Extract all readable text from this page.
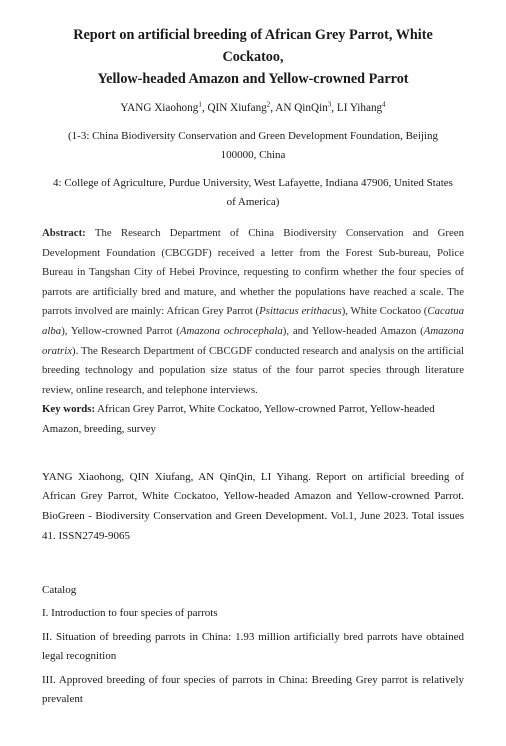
Report on artificial breeding of African Grey Parrot, White Cockatoo,
Yellow-headed Amazon and Yellow-crowned Parrot
YANG Xiaohong$^1$, QIN Xiufang$^2$, AN QinQin$^3$, LI Yihang$^4$
(1-3: China Biodiversity Conservation and Green Development Foundation, Beijing 100000, China
4: College of Agriculture, Purdue University, West Lafayette, Indiana 47906, United States of America)
Abstract: The Research Department of China Biodiversity Conservation and Green Development Foundation (CBCGDF) received a letter from the Forest Sub-bureau, Police Bureau in Tangshan City of Hebei Province, requesting to confirm whether the four species of parrots are artificially bred and mature, and whether the populations have reached a scale. The parrots involved are mainly: African Grey Parrot (Psittacus erithacus), White Cockatoo (Cacatua alba), Yellow-crowned Parrot (Amazona ochrocephala), and Yellow-headed Amazon (Amazona oratrix). The Research Department of CBCGDF conducted research and analysis on the artificial breeding technology and population size status of the four parrot species through literature review, online research, and telephone interviews.
Key words: African Grey Parrot, White Cockatoo, Yellow-crowned Parrot, Yellow-headed Amazon, breeding, survey
YANG Xiaohong, QIN Xiufang, AN QinQin, LI Yihang. Report on artificial breeding of African Grey Parrot, White Cockatoo, Yellow-headed Amazon and Yellow-crowned Parrot. BioGreen - Biodiversity Conservation and Green Development. Vol.1, June 2023. Total issues 41. ISSN2749-9065
Catalog
I. Introduction to four species of parrots
II. Situation of breeding parrots in China: 1.93 million artificially bred parrots have obtained legal recognition
III. Approved breeding of four species of parrots in China: Breeding Grey parrot is relatively prevalent
